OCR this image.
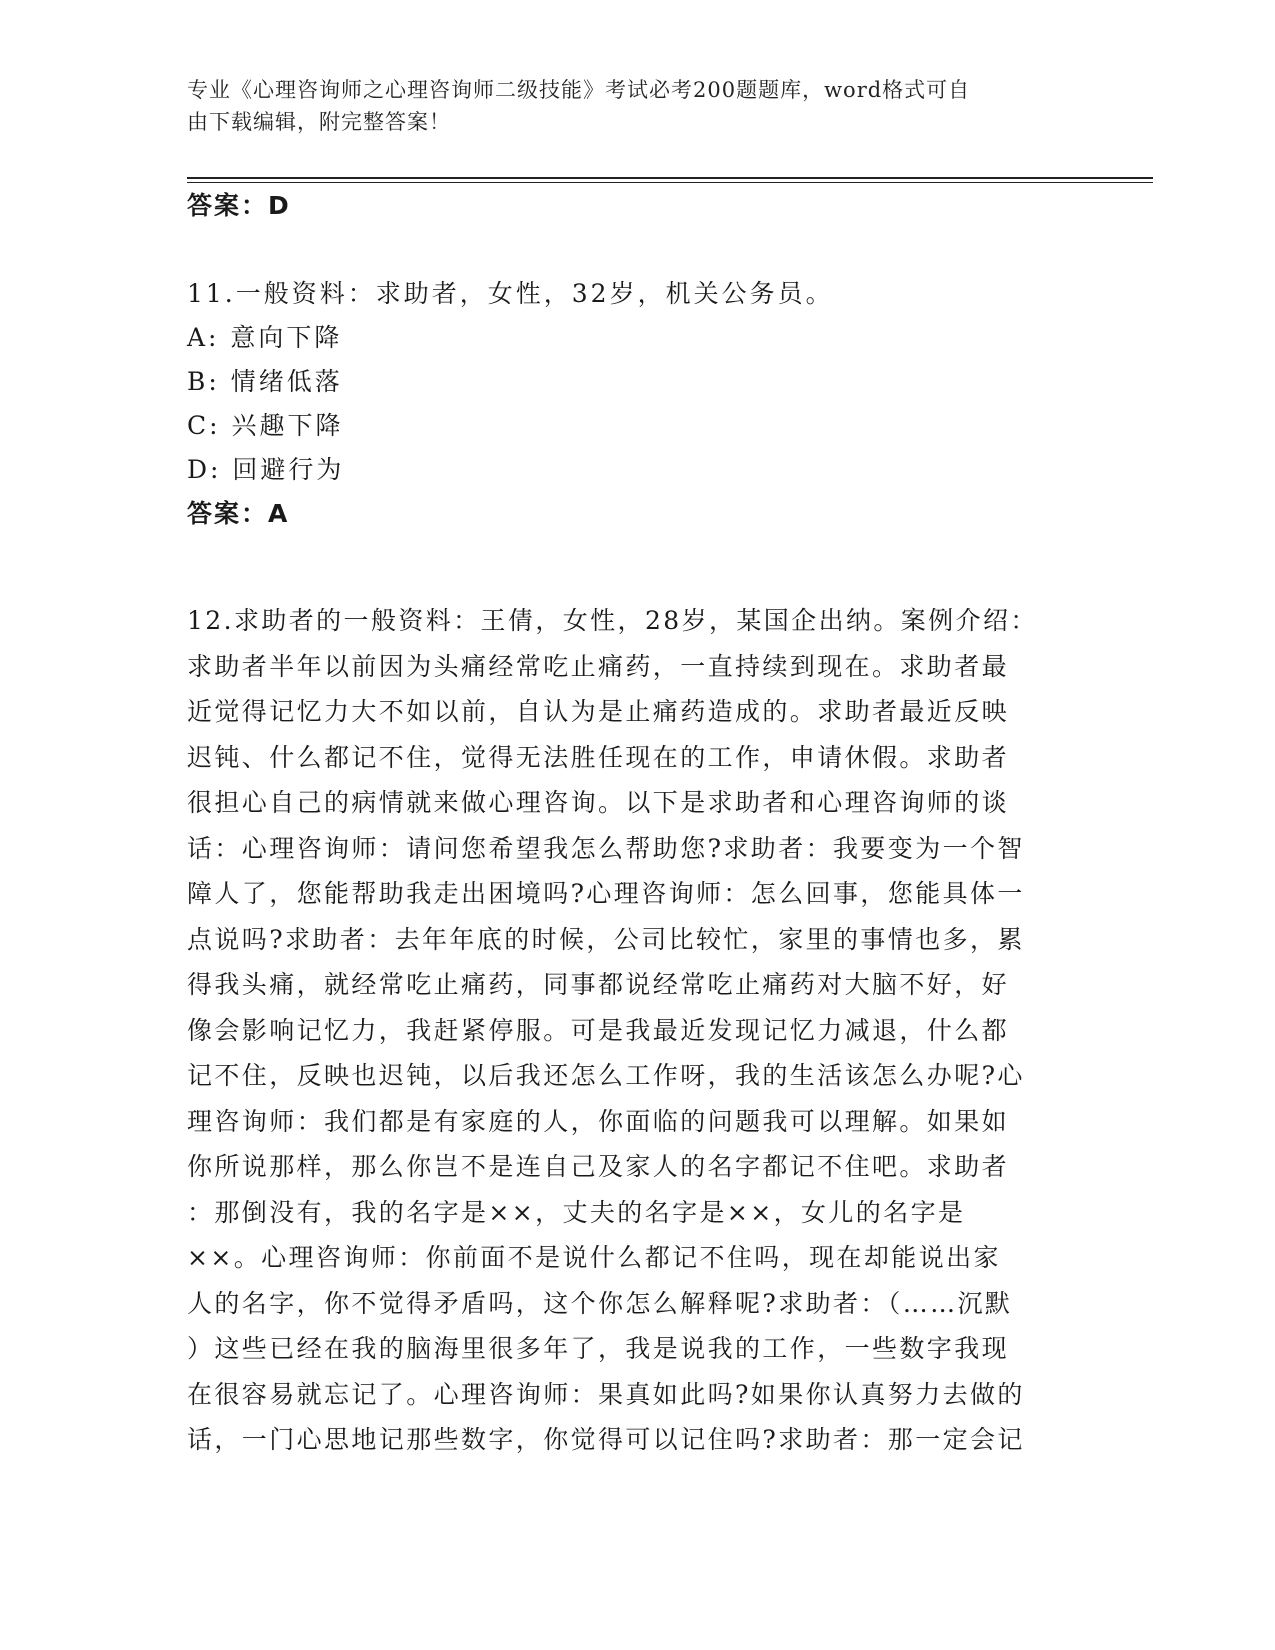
专业《心理咨询师之心理咨询师二级技能》考试必考200题题库，word格式可自
由下载编辑，附完整答案！
答案：D
11.一般资料：求助者，女性，32岁，机关公务员。
A: 意向下降
B: 情绪低落
C: 兴趣下降
D: 回避行为
答案：A
12.求助者的一般资料：王倩，女性，28岁，某国企出纳。案例介绍：
求助者半年以前因为头痛经常吃止痛药，一直持续到现在。求助者最
近觉得记忆力大不如以前，自认为是止痛药造成的。求助者最近反映
迟钝、什么都记不住，觉得无法胜任现在的工作，申请休假。求助者
很担心自己的病情就来做心理咨询。以下是求助者和心理咨询师的谈
话：心理咨询师：请问您希望我怎么帮助您?求助者：我要变为一个智
障人了，您能帮助我走出困境吗?心理咨询师：怎么回事，您能具体一
点说吗?求助者：去年年底的时候，公司比较忙，家里的事情也多，累
得我头痛，就经常吃止痛药，同事都说经常吃止痛药对大脑不好，好
像会影响记忆力，我赶紧停服。可是我最近发现记忆力减退，什么都
记不住，反映也迟钝，以后我还怎么工作呀，我的生活该怎么办呢?心
理咨询师：我们都是有家庭的人，你面临的问题我可以理解。如果如
你所说那样，那么你岂不是连自己及家人的名字都记不住吧。求助者
：那倒没有，我的名字是××，丈夫的名字是××，女儿的名字是
××。心理咨询师：你前面不是说什么都记不住吗，现在却能说出家
人的名字，你不觉得矛盾吗，这个你怎么解释呢?求助者：（……沉默
）这些已经在我的脑海里很多年了，我是说我的工作，一些数字我现
在很容易就忘记了。心理咨询师：果真如此吗?如果你认真努力去做的
话，一门心思地记那些数字，你觉得可以记住吗?求助者：那一定会记
